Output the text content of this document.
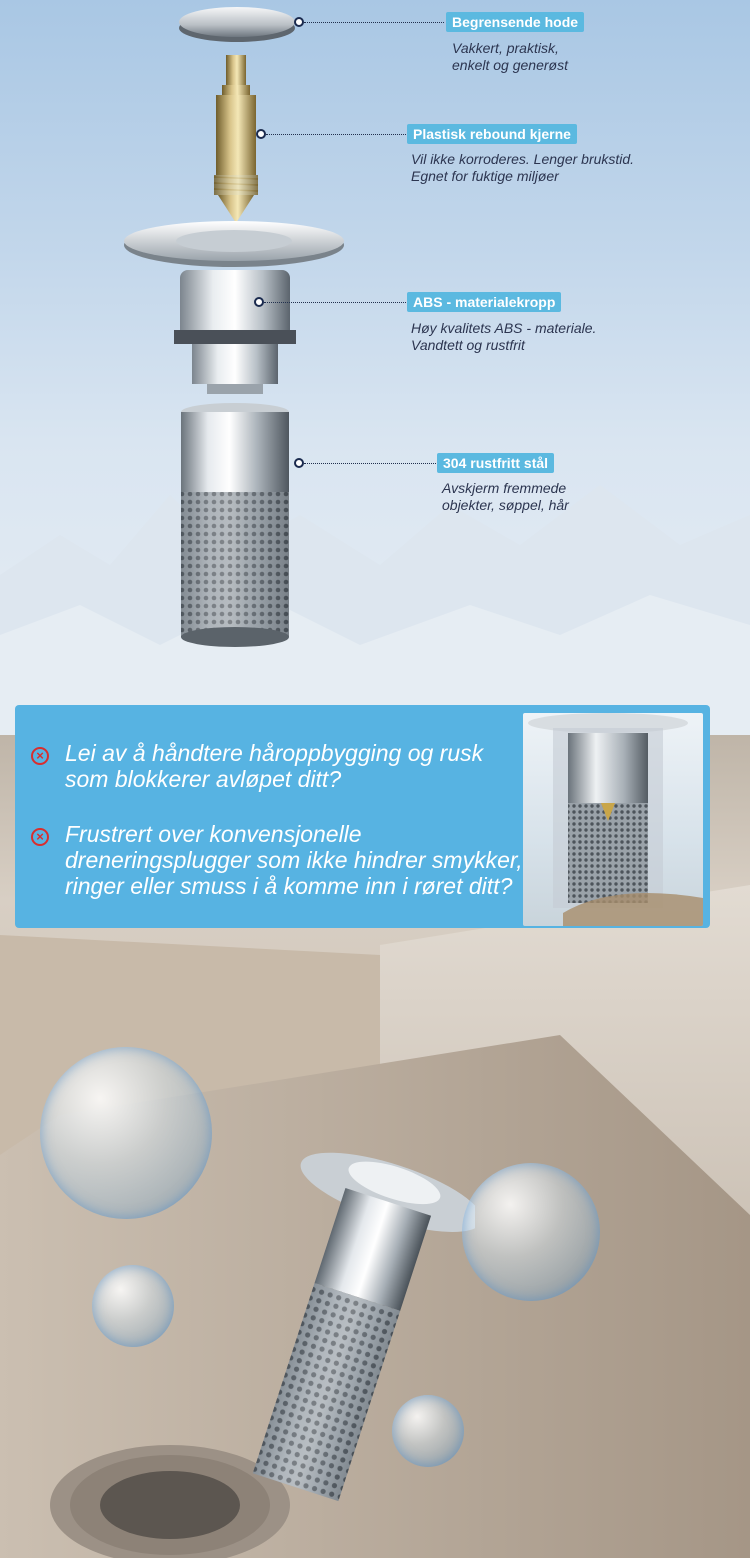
Begrensende hode
Vakkert, praktisk,
enkelt og generøst
Plastisk rebound kjerne
Vil ikke korroderes. Lenger brukstid.
Egnet for fuktige miljøer
ABS - materialekropp
Høy kvalitets ABS - materiale.
Vandtett og rustfrit
304 rustfritt stål
Avskjerm fremmede
objekter, søppel, hår
× Lei av å håndtere håroppbygging og rusk som blokkerer avløpet ditt?
× Frustrert over konvensjonelle dreneringsplugger som ikke hindrer smykker, ringer eller smuss i å komme inn i røret ditt?
